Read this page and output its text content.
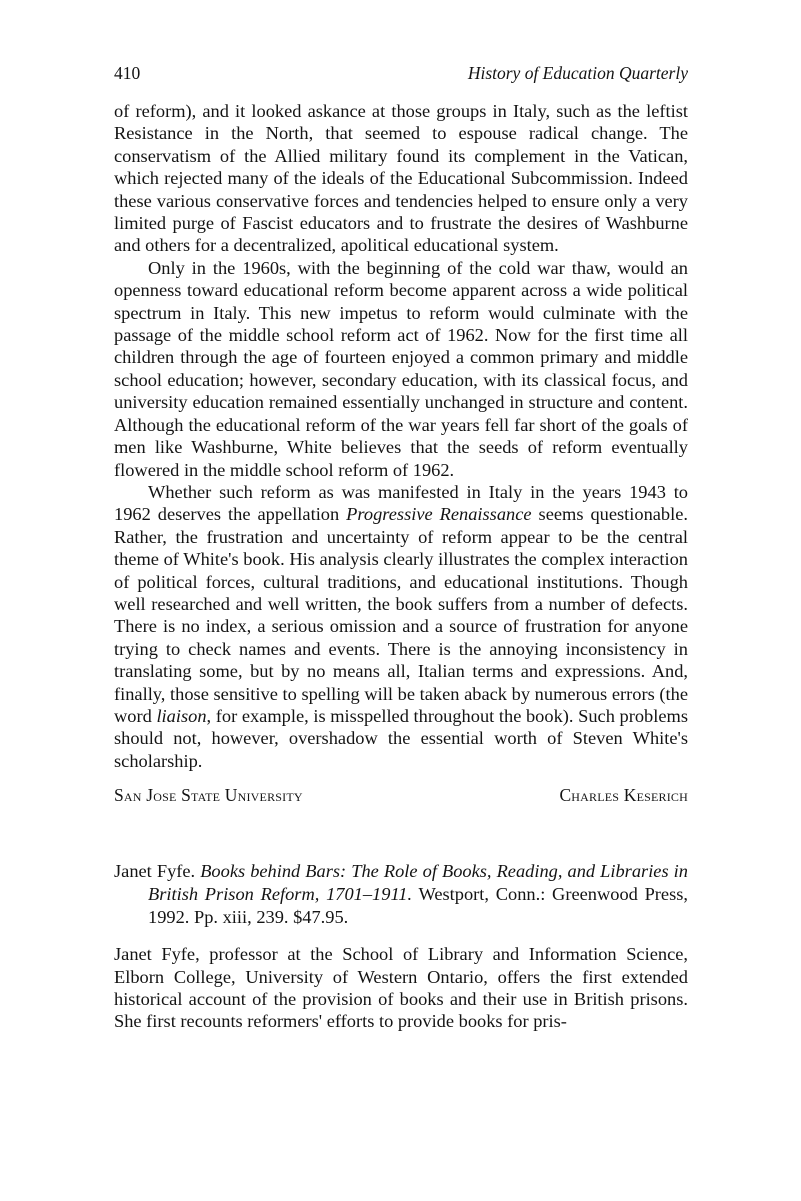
410	History of Education Quarterly

of reform), and it looked askance at those groups in Italy, such as the leftist Resistance in the North, that seemed to espouse radical change. The conservatism of the Allied military found its complement in the Vatican, which rejected many of the ideals of the Educational Subcommission. Indeed these various conservative forces and tendencies helped to ensure only a very limited purge of Fascist educators and to frustrate the desires of Washburne and others for a decentralized, apolitical educational system.

Only in the 1960s, with the beginning of the cold war thaw, would an openness toward educational reform become apparent across a wide political spectrum in Italy. This new impetus to reform would culminate with the passage of the middle school reform act of 1962. Now for the first time all children through the age of fourteen enjoyed a common primary and middle school education; however, secondary education, with its classical focus, and university education remained essentially unchanged in structure and content. Although the educational reform of the war years fell far short of the goals of men like Washburne, White believes that the seeds of reform eventually flowered in the middle school reform of 1962.

Whether such reform as was manifested in Italy in the years 1943 to 1962 deserves the appellation Progressive Renaissance seems questionable. Rather, the frustration and uncertainty of reform appear to be the central theme of White's book. His analysis clearly illustrates the complex interaction of political forces, cultural traditions, and educational institutions. Though well researched and well written, the book suffers from a number of defects. There is no index, a serious omission and a source of frustration for anyone trying to check names and events. There is the annoying inconsistency in translating some, but by no means all, Italian terms and expressions. And, finally, those sensitive to spelling will be taken aback by numerous errors (the word liaison, for example, is misspelled throughout the book). Such problems should not, however, overshadow the essential worth of Steven White's scholarship.

San Jose State University	Charles Keserich
Janet Fyfe. Books behind Bars: The Role of Books, Reading, and Libraries in British Prison Reform, 1701–1911. Westport, Conn.: Greenwood Press, 1992. Pp. xiii, 239. $47.95.

Janet Fyfe, professor at the School of Library and Information Science, Elborn College, University of Western Ontario, offers the first extended historical account of the provision of books and their use in British prisons. She first recounts reformers' efforts to provide books for pris-
